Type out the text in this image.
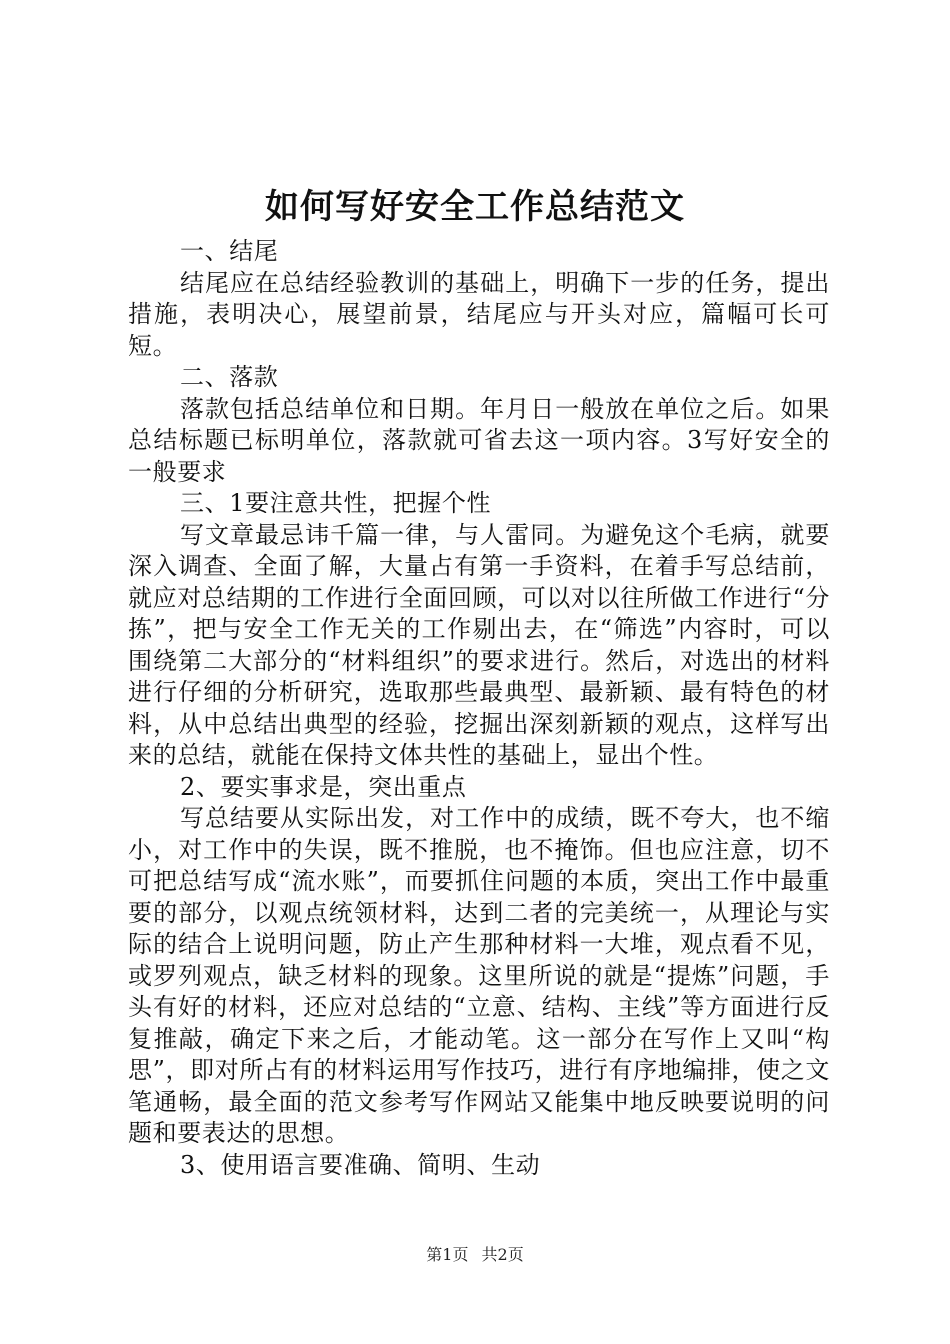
如何写好安全工作总结范文

一、结尾

结尾应在总结经验教训的基础上，明确下一步的任务，提出措施，表明决心，展望前景，结尾应与开头对应，篇幅可长可短。

二、落款

落款包括总结单位和日期。年月日一般放在单位之后。如果总结标题已标明单位，落款就可省去这一项内容。3写好安全的一般要求

三、1要注意共性，把握个性

写文章最忌讳千篇一律，与人雷同。为避免这个毛病，就要深入调查、全面了解，大量占有第一手资料，在着手写总结前，就应对总结期的工作进行全面回顾，可以对以往所做工作进行“分拣”，把与安全工作无关的工作剔出去，在“筛选”内容时，可以围绕第二大部分的“材料组织”的要求进行。然后，对选出的材料进行仔细的分析研究，选取那些最典型、最新颖、最有特色的材料，从中总结出典型的经验，挖掘出深刻新颖的观点，这样写出来的总结，就能在保持文体共性的基础上，显出个性。

2、要实事求是，突出重点

写总结要从实际出发，对工作中的成绩，既不夸大，也不缩小，对工作中的失误，既不推脱，也不掩饰。但也应注意，切不可把总结写成“流水账”，而要抓住问题的本质，突出工作中最重要的部分，以观点统领材料，达到二者的完美统一，从理论与实际的结合上说明问题，防止产生那种材料一大堆，观点看不见，或罗列观点，缺乏材料的现象。这里所说的就是“提炼”问题，手头有好的材料，还应对总结的“立意、结构、主线”等方面进行反复推敲，确定下来之后，才能动笔。这一部分在写作上又叫“构思”，即对所占有的材料运用写作技巧，进行有序地编排，使之文笔通畅，最全面的范文参考写作网站又能集中地反映要说明的问题和要表达的思想。

3、使用语言要准确、简明、生动

第1页 共2页
